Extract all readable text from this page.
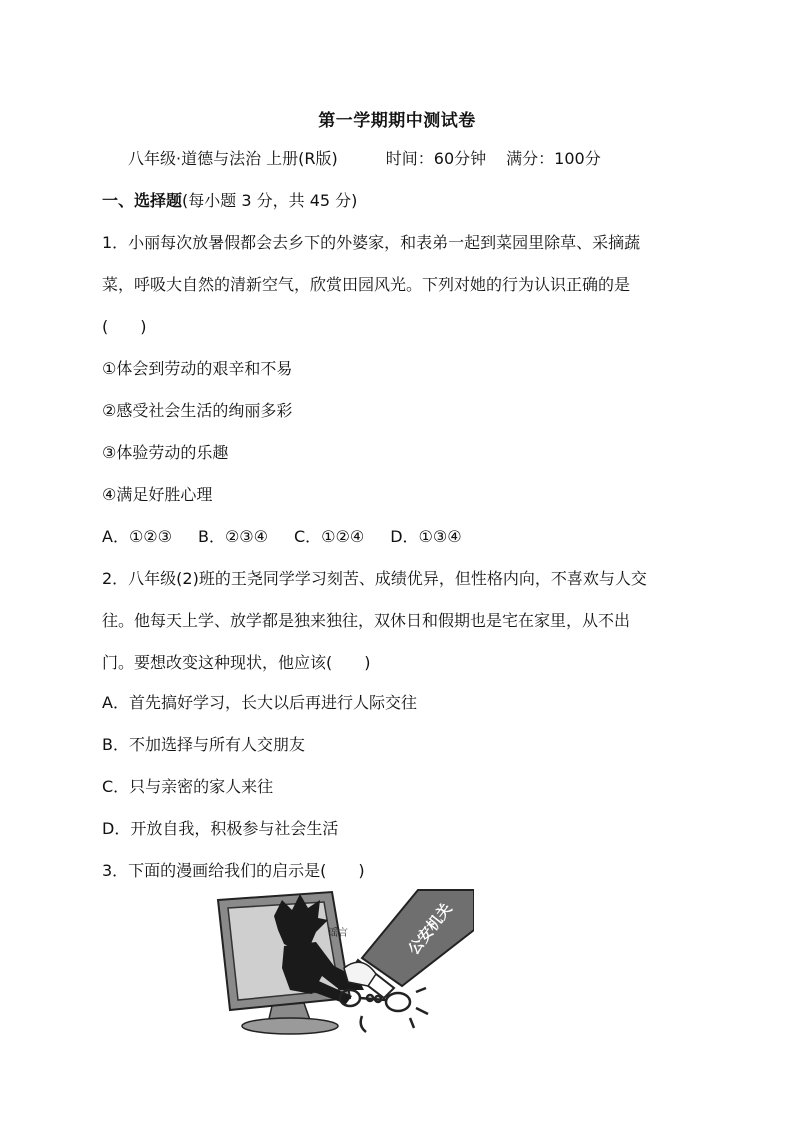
第一学期期中测试卷
八年级·道德与法治 上册(R版)	时间：60分钟 满分：100分
一、选择题(每小题 3 分，共 45 分)
1．小丽每次放暑假都会去乡下的外婆家，和表弟一起到菜园里除草、采摘蔬
菜，呼吸大自然的清新空气，欣赏田园风光。下列对她的行为认识正确的是
(　　)
①体会到劳动的艰辛和不易
②感受社会生活的绚丽多彩
③体验劳动的乐趣
④满足好胜心理
A．①②③ B．②③④ C．①②④ D．①③④
2．八年级(2)班的王尧同学学习刻苦、成绩优异，但性格内向，不喜欢与人交
往。他每天上学、放学都是独来独往，双休日和假期也是宅在家里，从不出
门。要想改变这种现状，他应该(　　)
A．首先搞好学习，长大以后再进行人际交往
B．不加选择与所有人交朋友
C．只与亲密的家人来往
D．开放自我，积极参与社会生活
3．下面的漫画给我们的启示是(　　)
公安机关
谣言
